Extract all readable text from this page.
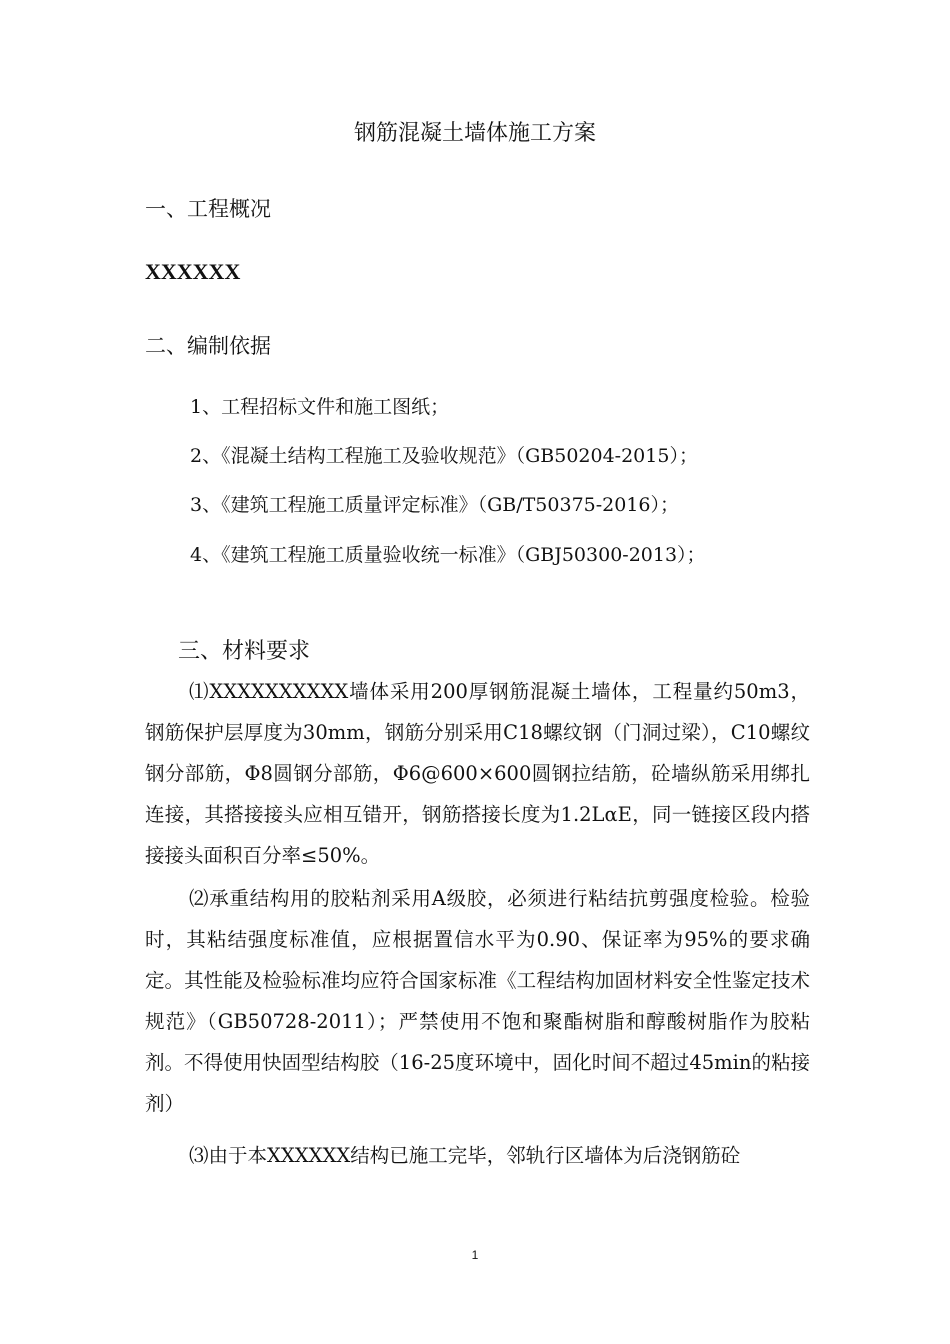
钢筋混凝土墙体施工方案
一、工程概况
XXXXXX
二、编制依据
1、工程招标文件和施工图纸；
2、《混凝土结构工程施工及验收规范》（GB50204-2015）；
3、《建筑工程施工质量评定标准》（GB/T50375-2016）；
4、《建筑工程施工质量验收统一标准》（GBJ50300-2013）；
三、材料要求

⑴XXXXXXXXXX墙体采用200厚钢筋混凝土墙体，工程量约50m3，钢筋保护层厚度为30mm，钢筋分别采用C18螺纹钢（门洞过梁），C10螺纹钢分部筋，Φ8圆钢分部筋，Φ6@600×600圆钢拉结筋，砼墙纵筋采用绑扎连接，其搭接接头应相互错开，钢筋搭接长度为1.2LαE，同一链接区段内搭接接头面积百分率≤50%。

⑵承重结构用的胶粘剂采用A级胶，必须进行粘结抗剪强度检验。检验时，其粘结强度标准值，应根据置信水平为0.90、保证率为95%的要求确定。其性能及检验标准均应符合国家标准《工程结构加固材料安全性鉴定技术规范》（GB50728-2011）；严禁使用不饱和聚酯树脂和醇酸树脂作为胶粘剂。不得使用快固型结构胶（16-25度环境中，固化时间不超过45min的粘接剂）

⑶由于本XXXXXX结构已施工完毕，邻轨行区墙体为后浇钢筋砼

1
